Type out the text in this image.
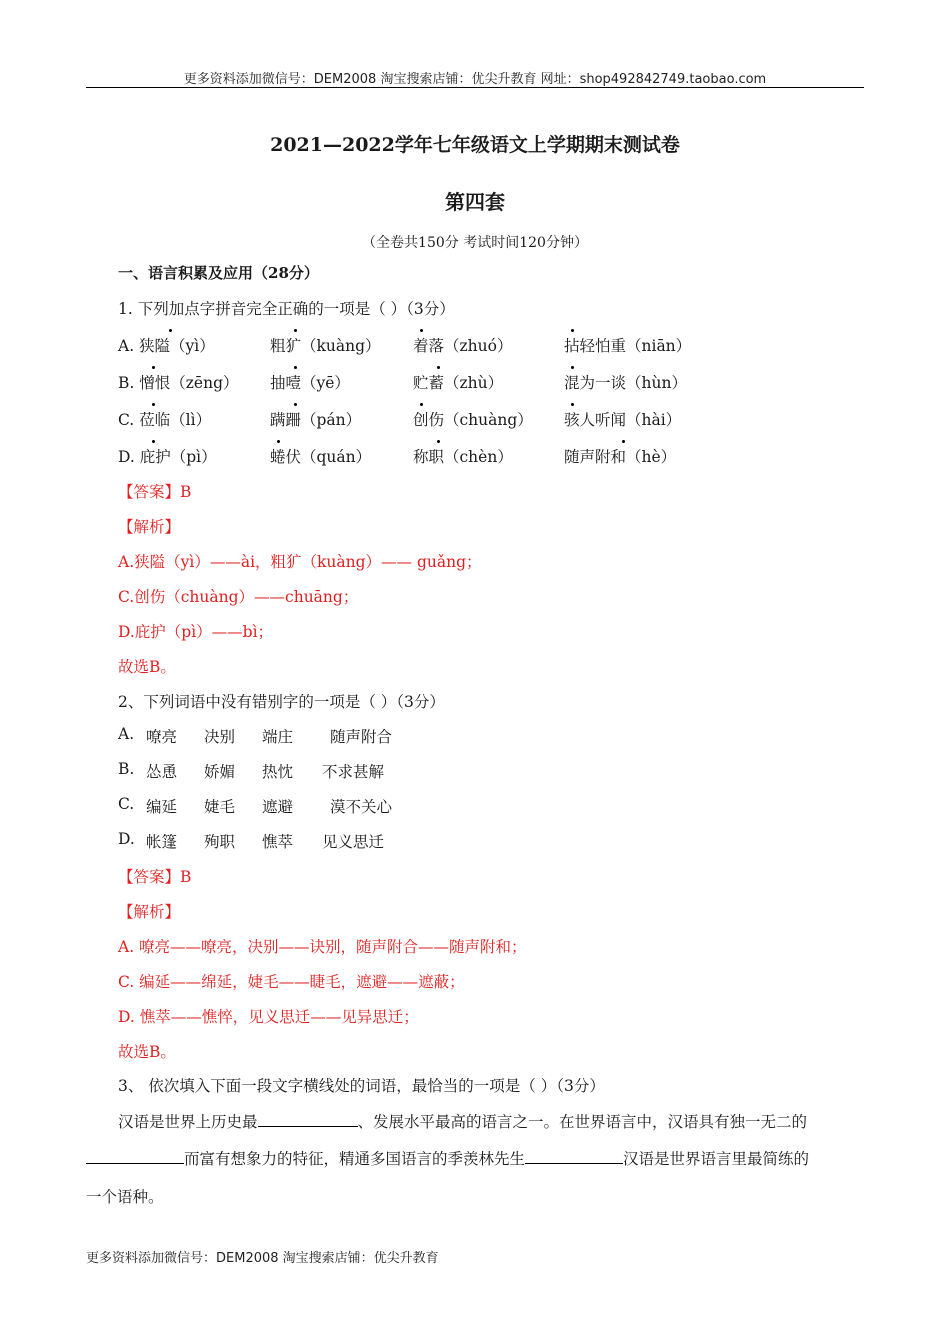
更多资料添加微信号：DEM2008 淘宝搜索店铺：优尖升教育 网址：shop492842749.taobao.com
2021—2022学年七年级语文上学期期末测试卷
第四套
（全卷共150分 考试时间120分钟）
一、语言积累及应用（28分）
1. 下列加点字拼音完全正确的一项是（ ）（3分）
A. 狭隘（yì）	粗犷（kuàng） 着落（zhuó）	拈轻怕重（niān）
B. 憎恨（zēng） 抽噎（yē）	贮蓄（zhù）	混为一谈（hùn）
C. 莅临（lì）	蹒跚（pán）	创伤（chuàng） 骇人听闻（hài）
D. 庇护（pì）	蜷伏（quán）	称职（chèn）	随声附和（hè）
【答案】B
【解析】
A.狭隘（yì）——ài，粗犷（kuàng）—— guǎng；
C.创伤（chuàng）——chuāng；
D.庇护（pì）——bì；
故选B。
2、下列词语中没有错别字的一项是（ ）（3分）
A. 嘹亮 决别 端庄 随声附合
B. 怂恿 娇媚 热忱 不求甚解
C. 编延 婕毛 遮避 漠不关心
D. 帐篷 殉职 憔萃 见义思迁
【答案】B
【解析】
A. 嘹亮——嘹亮，决别——诀别，随声附合——随声附和；
C. 编延——绵延，婕毛——睫毛，遮避——遮蔽；
D. 憔萃——憔悴，见义思迁——见异思迁；
故选B。
3、 依次填入下面一段文字横线处的词语，最恰当的一项是（ ）（3分）
汉语是世界上历史最	、发展水平最高的语言之一。在世界语言中，汉语具有独一无二的
而富有想象力的特征，精通多国语言的季羡林先生	汉语是世界语言里最简练的
一个语种。
更多资料添加微信号：DEM2008 淘宝搜索店铺：优尖升教育
